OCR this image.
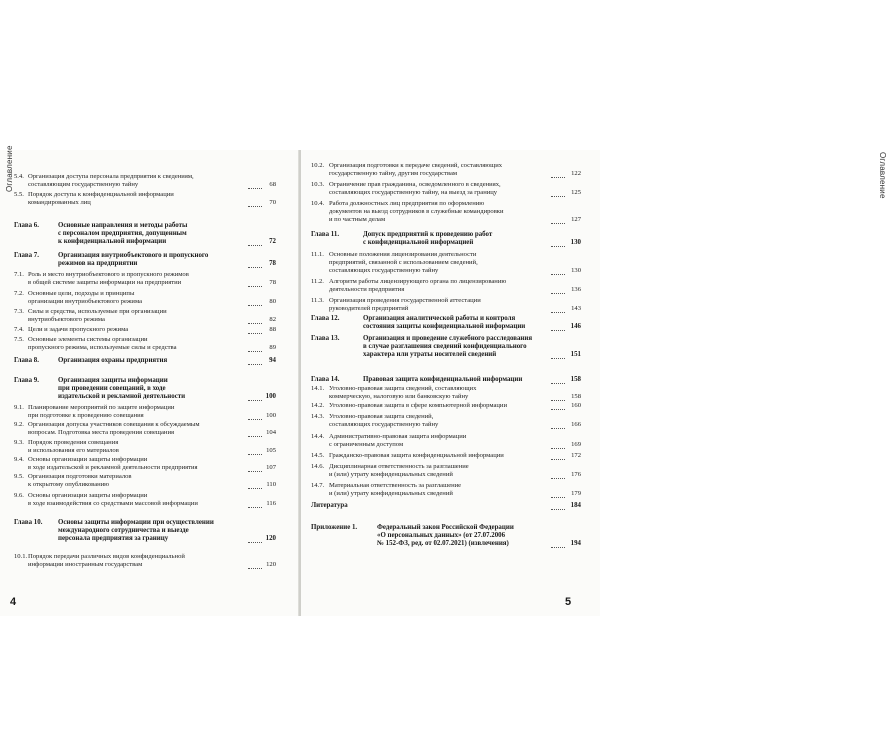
Оглавление 5.4. Организация доступа персонала предприятия к сведениям,
составляющим государственную тайну	68
5.5. Порядок доступа к конфиденциальной информации
командированных лиц	70
Глава 6.	Основные направления и методы работы
с персоналом предприятия, допущенным
к конфиденциальной информации	72
Глава 7.	Организация внутриобъектового и пропускного
режимов на предприятии	78
7.1. Роль и место внутриобъектового и пропускного режимов
в общей системе защиты информации на предприятии	78
7.2. Основные цели, подходы и принципы
организации внутриобъектового режима	80
7.3. Силы и средства, используемые при организации
внутриобъектового режима	82
7.4. Цели и задачи пропускного режима	88
7.5. Основные элементы системы организации
пропускного режима, используемые силы и средства	89
Глава 8.	Организация охраны предприятия	94
Глава 9.	Организация защиты информации
при проведении совещаний, в ходе
издательской и рекламной деятельности	100
9.1. Планирование мероприятий по защите информации
при подготовке к проведению совещания	100
9.2. Организация допуска участников совещания к обсуждаемым
вопросам. Подготовка места проведения совещания	104
9.3. Порядок проведения совещания
и использования его материалов	105
9.4. Основы организации защиты информации
в ходе издательской и рекламной деятельности предприятия	107
9.5. Организация подготовки материалов
к открытому опубликованию	110
9.6. Основы организации защиты информации
в ходе взаимодействия со средствами массовой информации	116
Глава 10. Основы защиты информации при осуществлении
международного сотрудничества и выезде
персонала предприятия за границу	120
10.1. Порядок передачи различных видов конфиденциальной
информации иностранным государствам	120
4
Оглавление
10.2. Организация подготовки к передаче сведений, составляющих
государственную тайну, другим государствам	122
10.3. Ограничение прав гражданина, осведомленного в сведениях,
составляющих государственную тайну, на выезд за границу	125
10.4. Работа должностных лиц предприятия по оформлению
документов на выезд сотрудников в служебные командировки
и по частным делам	127
Глава 11.	Допуск предприятий к проведению работ
с конфиденциальной информацией	130
11.1. Основные положения лицензирования деятельности
предприятий, связанной с использованием сведений,
составляющих государственную тайну	130
11.2. Алгоритм работы лицензирующего органа по лицензированию
деятельности предприятия	136
11.3. Организация проведения государственной аттестации
руководителей предприятий	143
Глава 12.	Организация аналитической работы и контроля
состояния защиты конфиденциальной информации	146
Глава 13.	Организация и проведение служебного расследования
в случае разглашения сведений конфиденциального
характера или утраты носителей сведений	151
Глава 14.	Правовая защита конфиденциальной информации	158
14.1. Уголовно-правовая защита сведений, составляющих
коммерческую, налоговую или банковскую тайну	158
14.2. Уголовно-правовая защита в сфере компьютерной информации	160
14.3. Уголовно-правовая защита сведений,
составляющих государственную тайну	166
14.4. Административно-правовая защита информации
с ограниченным доступом	169
14.5. Гражданско-правовая защита конфиденциальной информации	172
14.6. Дисциплинарная ответственность за разглашение
и (или) утрату конфиденциальных сведений	176
14.7. Материальная ответственность за разглашение
и (или) утрату конфиденциальных сведений	179
Литература	184
Приложение 1.	Федеральный закон Российской Федерации
«О персональных данных» (от 27.07.2006
№ 152-ФЗ, ред. от 02.07.2021) (извлечения)	194
5
